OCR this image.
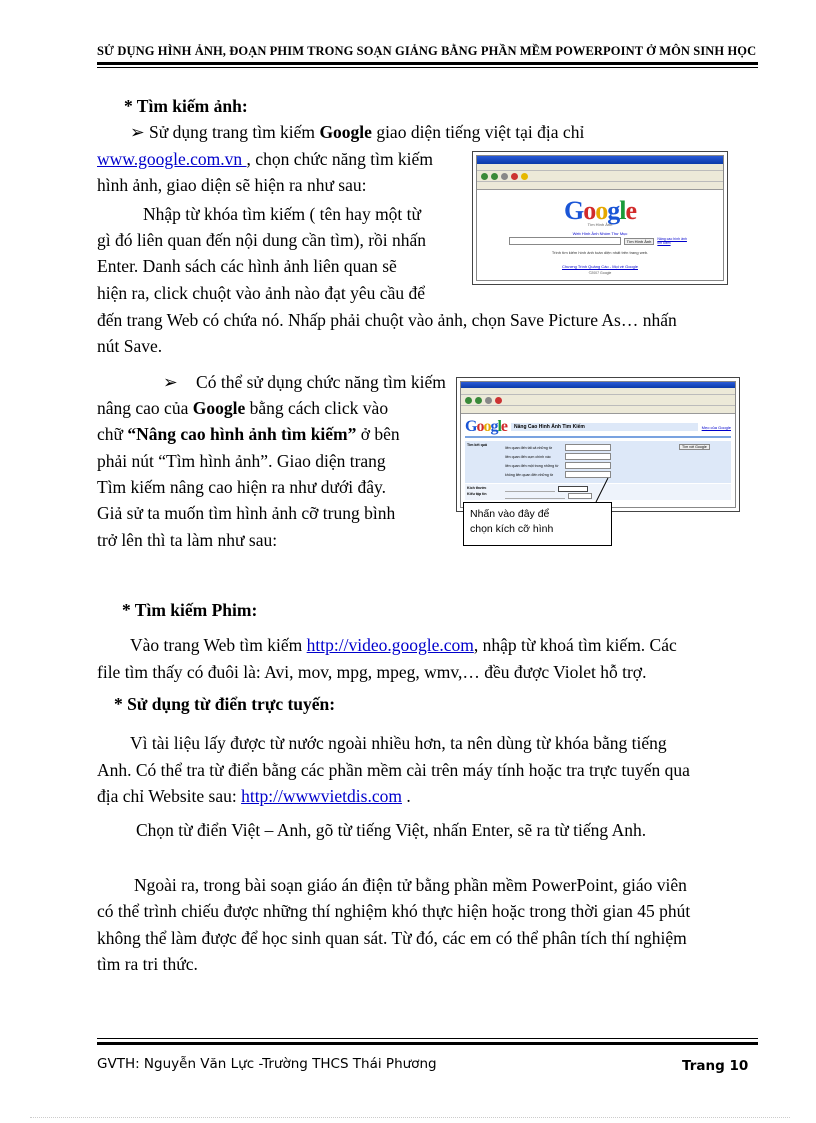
SỬ DỤNG HÌNH ẢNH, ĐOẠN PHIM TRONG SOẠN GIẢNG BẰNG PHẦN MỀM POWERPOINT Ở MÔN SINH HỌC
* Tìm kiếm ảnh:
➢ Sử dụng trang tìm kiếm Google giao diện tiếng việt tại địa chỉ
www.google.com.vn , chọn chức năng tìm kiếm
hình ảnh, giao diện sẽ hiện ra như sau:
Nhập từ khóa tìm kiếm ( tên hay một từ
gì đó liên quan đến nội dung cần tìm), rồi nhấn
Enter. Danh sách các hình ảnh liên quan sẽ
hiện ra, click chuột vào ảnh nào đạt yêu cầu để
đến trang Web có chứa nó. Nhấp phải chuột vào ảnh, chọn Save Picture As… nhấn
nút Save.
Google
Tìm Hình Ảnh
Web Hình Ảnh Nhóm Thư Mục
Tìm Hình Ảnh	Nâng cao hình ảnh tìm kiếm
Trình tìm kiếm hình ảnh toàn diện nhất trên trang web.
Chương Trình Quảng Cáo - Mọi về Google
©2007 Google
➢ Có thể sử dụng chức năng tìm kiếm
nâng cao của Google bằng cách click vào
chữ “Nâng cao hình ảnh tìm kiếm” ở bên
phải nút “Tìm hình ảnh”. Giao diện trang
Tìm kiếm nâng cao hiện ra như dưới đây.
Giả sử ta muốn tìm hình ảnh cỡ trung bình
trở lên thì ta làm như sau:
Google	Nâng Cao Hình Ảnh Tìm Kiếm	Mẹo của Google
Tìm kết quả
liên quan đến tất cả những từ
liên quan đến cụm chính xác
liên quan đến một trong những từ
không liên quan đến những từ
Tìm với Google
Kích thước
Kiểu tập tin
Nhấn vào đây để
chọn kích cỡ hình
* Tìm kiếm Phim:
Vào trang Web tìm kiếm http://video.google.com, nhập từ khoá tìm kiếm. Các
file tìm thấy có đuôi là: Avi, mov, mpg, mpeg, wmv,… đều được Violet hỗ trợ.
* Sử dụng từ điển trực tuyến:
Vì tài liệu lấy được từ nước ngoài nhiều hơn, ta nên dùng từ khóa bằng tiếng
Anh. Có thể tra từ điển bằng các phần mềm cài trên máy tính hoặc tra trực tuyến qua
địa chỉ Website sau: http://wwwvietdis.com .
Chọn từ điển Việt – Anh, gõ từ tiếng Việt, nhấn Enter, sẽ ra từ tiếng Anh.
Ngoài ra, trong bài soạn giáo án điện tử bằng phần mềm PowerPoint, giáo viên
có thể trình chiếu được những thí nghiệm khó thực hiện hoặc trong thời gian 45 phút
không thể làm được để học sinh quan sát. Từ đó, các em có thể phân tích thí nghiệm
tìm ra tri thức.
GVTH: Nguyễn Văn Lực -Trường THCS Thái Phương	Trang 10
